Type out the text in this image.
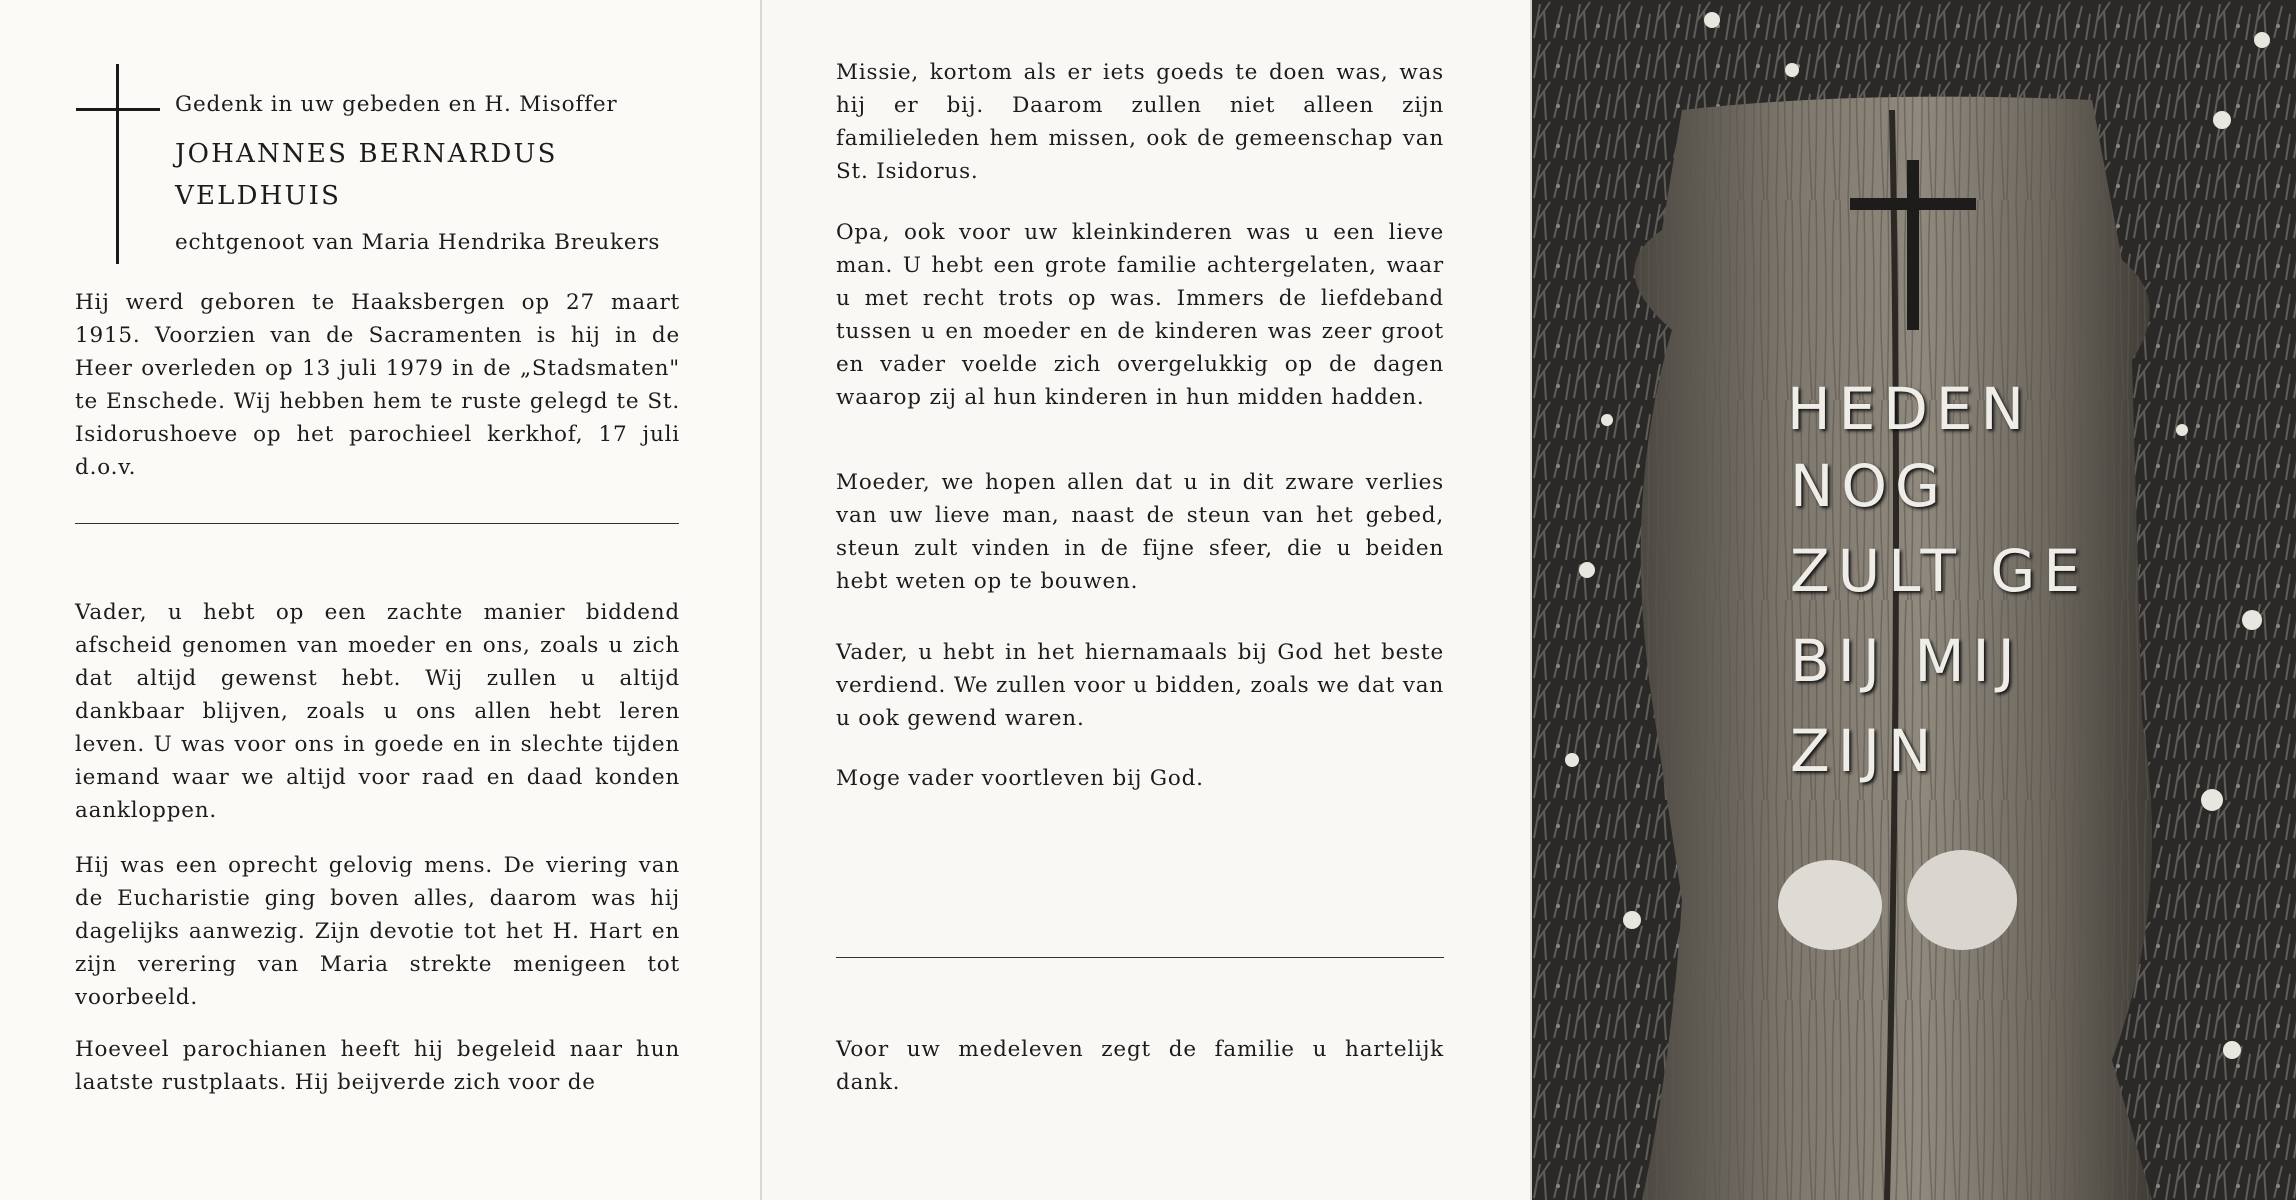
Gedenk in uw gebeden en H. Misoffer

JOHANNES BERNARDUS

VELDHUIS

echtgenoot van Maria Hendrika Breukers

Hij werd geboren te Haaksbergen op 27 maart 1915. Voorzien van de Sacramenten is hij in de Heer overleden op 13 juli 1979 in de „Stadsmaten" te Enschede. Wij hebben hem te ruste gelegd te St. Isidorushoeve op het parochieel kerkhof, 17 juli d.o.v.

Vader, u hebt op een zachte manier biddend afscheid genomen van moeder en ons, zoals u zich dat altijd gewenst hebt. Wij zullen u altijd dankbaar blijven, zoals u ons allen hebt leren leven. U was voor ons in goede en in slechte tijden iemand waar we altijd voor raad en daad konden aankloppen.

Hij was een oprecht gelovig mens. De viering van de Eucharistie ging boven alles, daarom was hij dagelijks aanwezig. Zijn devotie tot het H. Hart en zijn verering van Maria strekte menigeen tot voorbeeld.

Hoeveel parochianen heeft hij begeleid naar hun laatste rustplaats. Hij beijverde zich voor de

Missie, kortom als er iets goeds te doen was, was hij er bij. Daarom zullen niet alleen zijn familieleden hem missen, ook de gemeenschap van St. Isidorus.

Opa, ook voor uw kleinkinderen was u een lieve man. U hebt een grote familie achtergelaten, waar u met recht trots op was. Immers de liefdeband tussen u en moeder en de kinderen was zeer groot en vader voelde zich overgelukkig op de dagen waarop zij al hun kinderen in hun midden hadden.

Moeder, we hopen allen dat u in dit zware verlies van uw lieve man, naast de steun van het gebed, steun zult vinden in de fijne sfeer, die u beiden hebt weten op te bouwen.

Vader, u hebt in het hiernamaals bij God het beste verdiend. We zullen voor u bidden, zoals we dat van u ook gewend waren.

Moge vader voortleven bij God.

Voor uw medeleven zegt de familie u hartelijk dank.

HEDEN

NOG

ZULT GE

BIJ MIJ

ZIJN
